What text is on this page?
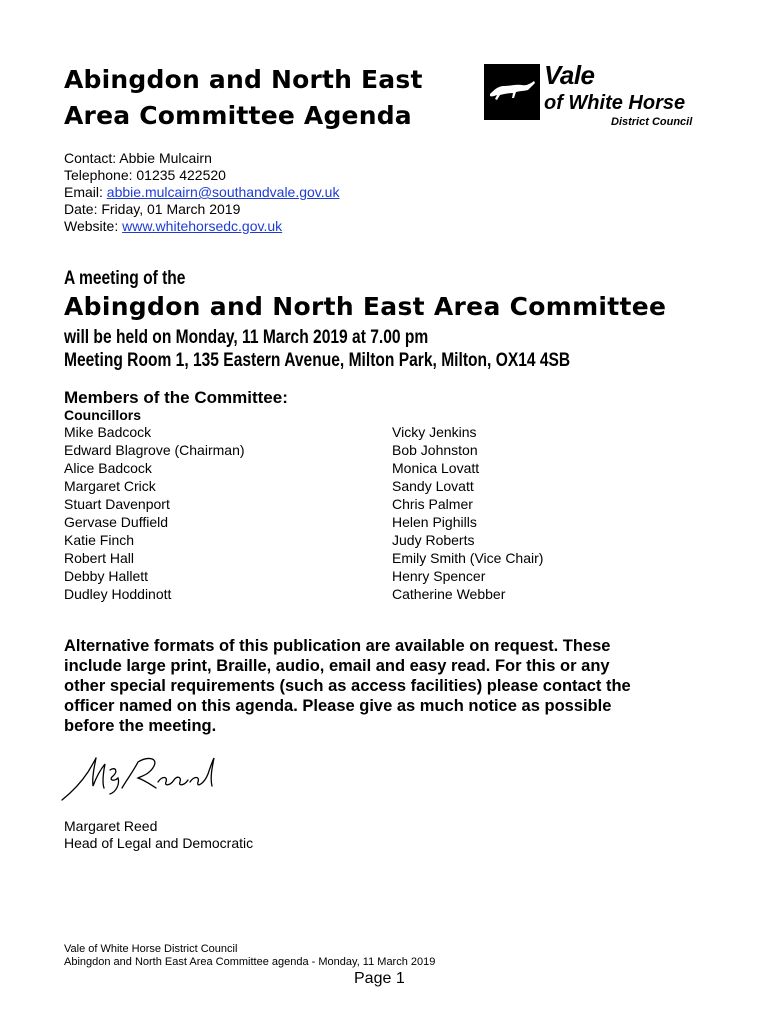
Abingdon and North East
Area Committee Agenda
Vale
of White Horse
District Council
Contact: Abbie Mulcairn
Telephone: 01235 422520
Email: abbie.mulcairn@southandvale.gov.uk
Date: Friday, 01 March 2019
Website: www.whitehorsedc.gov.uk
A meeting of the
Abingdon and North East Area Committee
will be held on Monday, 11 March 2019 at 7.00 pm
Meeting Room 1, 135 Eastern Avenue, Milton Park, Milton, OX14 4SB
Members of the Committee:
Councillors
Mike Badcock
Edward Blagrove (Chairman)
Alice Badcock
Margaret Crick
Stuart Davenport
Gervase Duffield
Katie Finch
Robert Hall
Debby Hallett
Dudley Hoddinott
Vicky Jenkins
Bob Johnston
Monica Lovatt
Sandy Lovatt
Chris Palmer
Helen Pighills
Judy Roberts
Emily Smith (Vice Chair)
Henry Spencer
Catherine Webber
Alternative formats of this publication are available on request. These
include large print, Braille, audio, email and easy read. For this or any
other special requirements (such as access facilities) please contact the
officer named on this agenda. Please give as much notice as possible
before the meeting.
Margaret Reed
Head of Legal and Democratic
Vale of White Horse District Council
Abingdon and North East Area Committee agenda - Monday, 11 March 2019
Page 1
